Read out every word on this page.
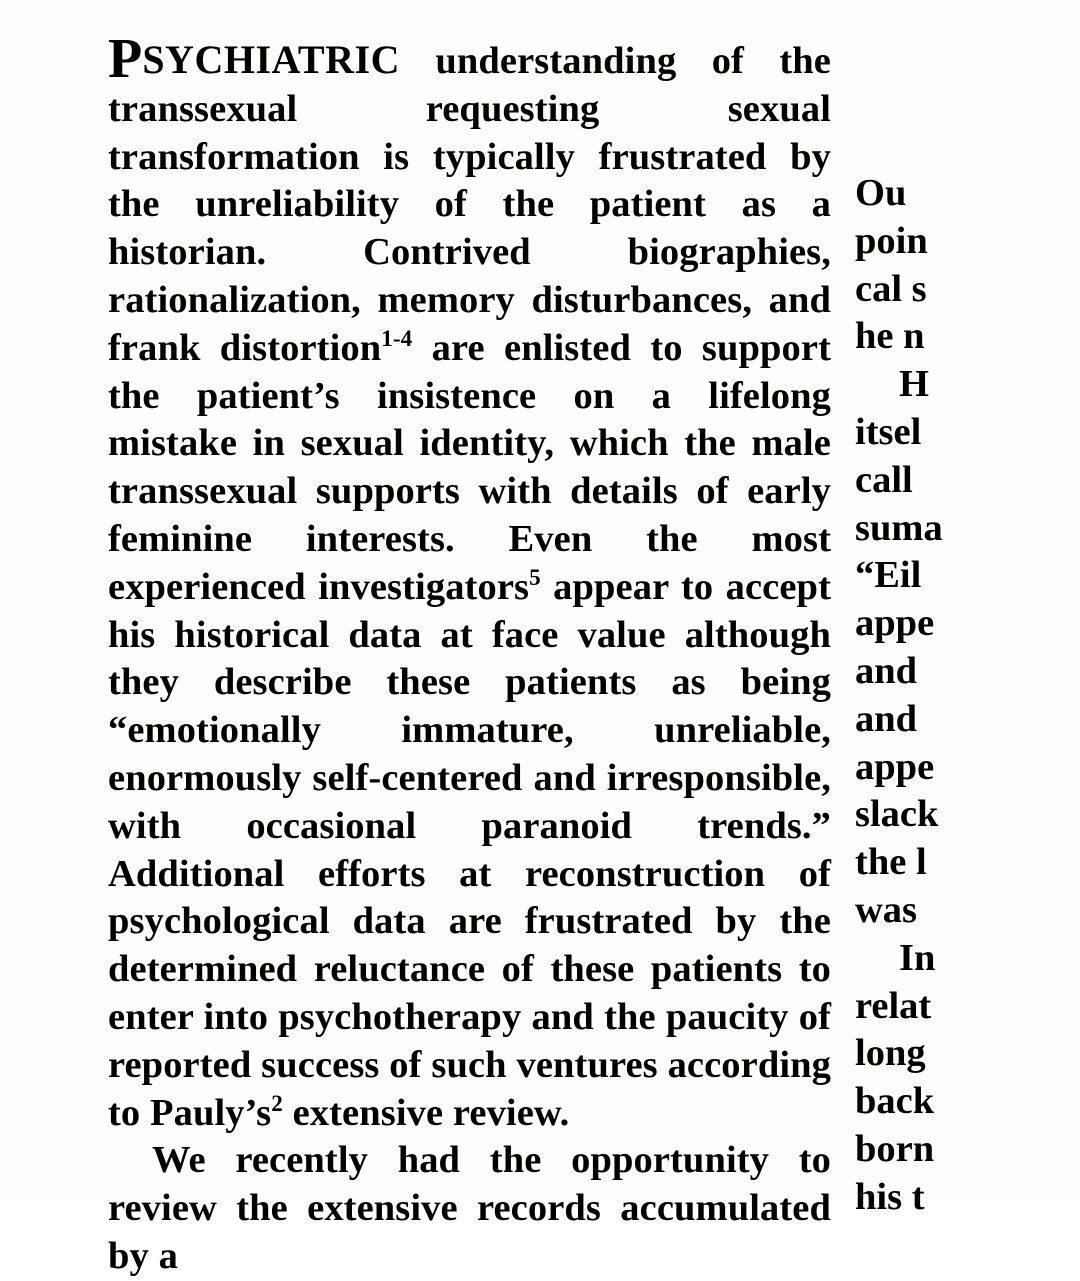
PSYCHIATRIC understanding of the transsexual requesting sexual transformation is typically frustrated by the unreliability of the patient as a historian. Contrived biographies, rationalization, memory disturbances, and frank distortion$^{1-4}$ are enlisted to support the patient’s insistence on a lifelong mistake in sexual identity, which the male transsexual supports with details of early feminine interests. Even the most experienced investigators$^5$ appear to accept his historical data at face value although they describe these patients as being “emotionally immature, unreliable, enormously self-centered and irresponsible, with occasional paranoid trends.” Additional efforts at reconstruction of psychological data are frustrated by the determined reluctance of these patients to enter into psychotherapy and the paucity of reported success of such ventures according to $Pauly’s^2$ extensive review.

We recently had the opportunity to review the extensive records accumulated by a

Ou

poin

cal s

he n

H

itsel

call

suma

“Eil

appe

and

and

appe

slack

the l

was

In

relat

long

back

born

his t
